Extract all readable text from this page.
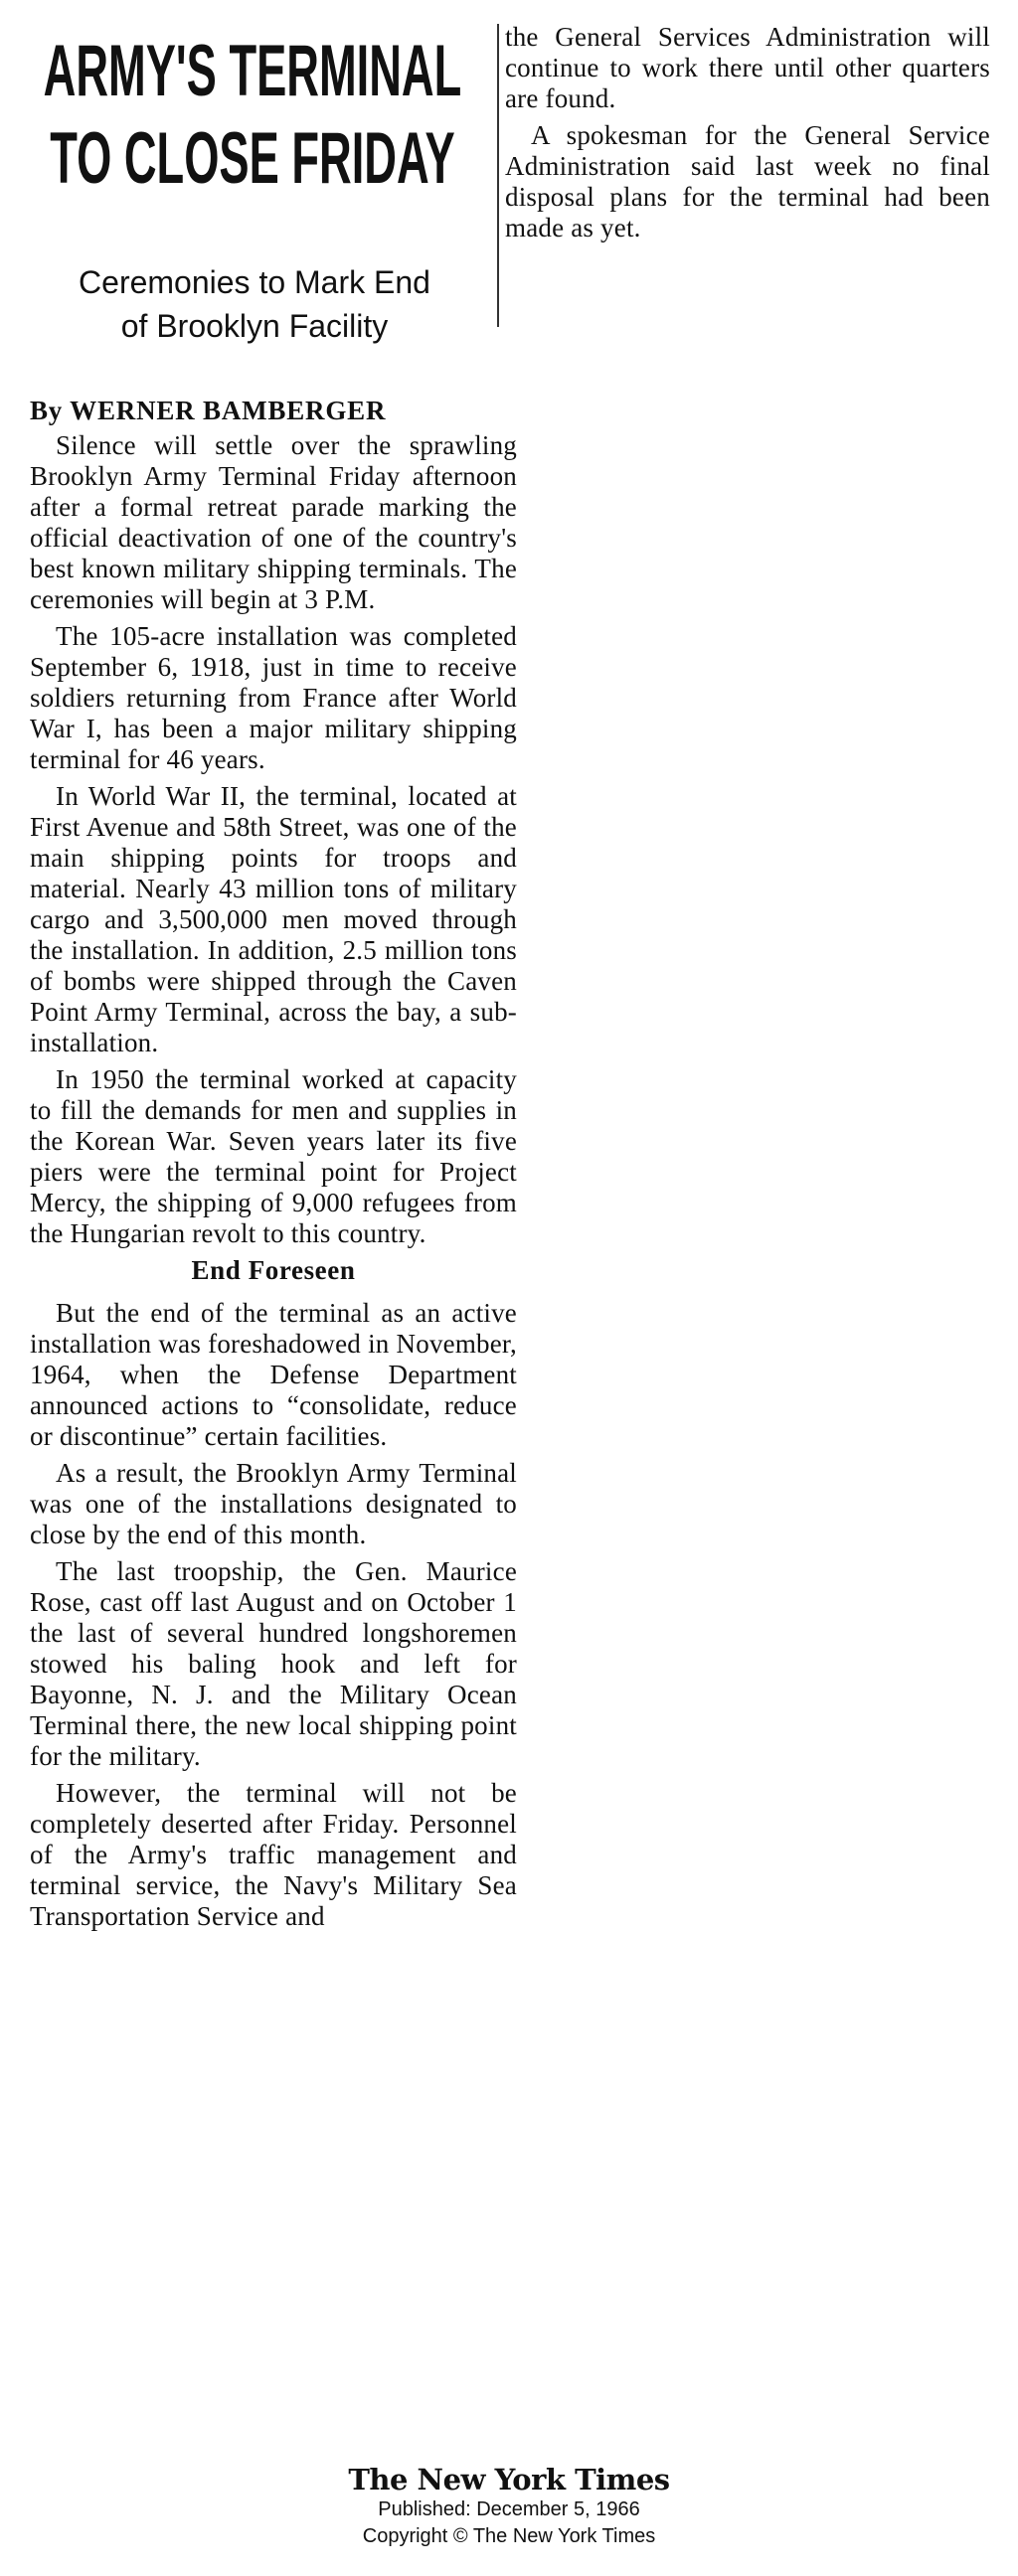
ARMY'S TERMINAL
TO CLOSE FRIDAY
Ceremonies to Mark End
of Brooklyn Facility
By WERNER BAMBERGER

Silence will settle over the sprawling Brooklyn Army Terminal Friday afternoon after a formal retreat parade marking the official deactivation of one of the country's best known military shipping terminals. The ceremonies will begin at 3 P.M.

The 105-acre installation was completed September 6, 1918, just in time to receive soldiers returning from France after World War I, has been a major military shipping terminal for 46 years.

In World War II, the terminal, located at First Avenue and 58th Street, was one of the main shipping points for troops and material. Nearly 43 million tons of military cargo and 3,500,000 men moved through the installation. In addition, 2.5 million tons of bombs were shipped through the Caven Point Army Terminal, across the bay, a sub-installation.

In 1950 the terminal worked at capacity to fill the demands for men and supplies in the Korean War. Seven years later its five piers were the terminal point for Project Mercy, the shipping of 9,000 refugees from the Hungarian revolt to this country.

End Foreseen

But the end of the terminal as an active installation was foreshadowed in November, 1964, when the Defense Department announced actions to “consolidate, reduce or discontinue” certain facilities.

As a result, the Brooklyn Army Terminal was one of the installations designated to close by the end of this month.

The last troopship, the Gen. Maurice Rose, cast off last August and on October 1 the last of several hundred longshoremen stowed his baling hook and left for Bayonne, N. J. and the Military Ocean Terminal there, the new local shipping point for the military.

However, the terminal will not be completely deserted after Friday. Personnel of the Army's traffic management and terminal service, the Navy's Military Sea Transportation Service and

the General Services Administration will continue to work there until other quarters are found.

A spokesman for the General Service Administration said last week no final disposal plans for the terminal had been made as yet.

The New York Times
Published: December 5, 1966
Copyright © The New York Times
